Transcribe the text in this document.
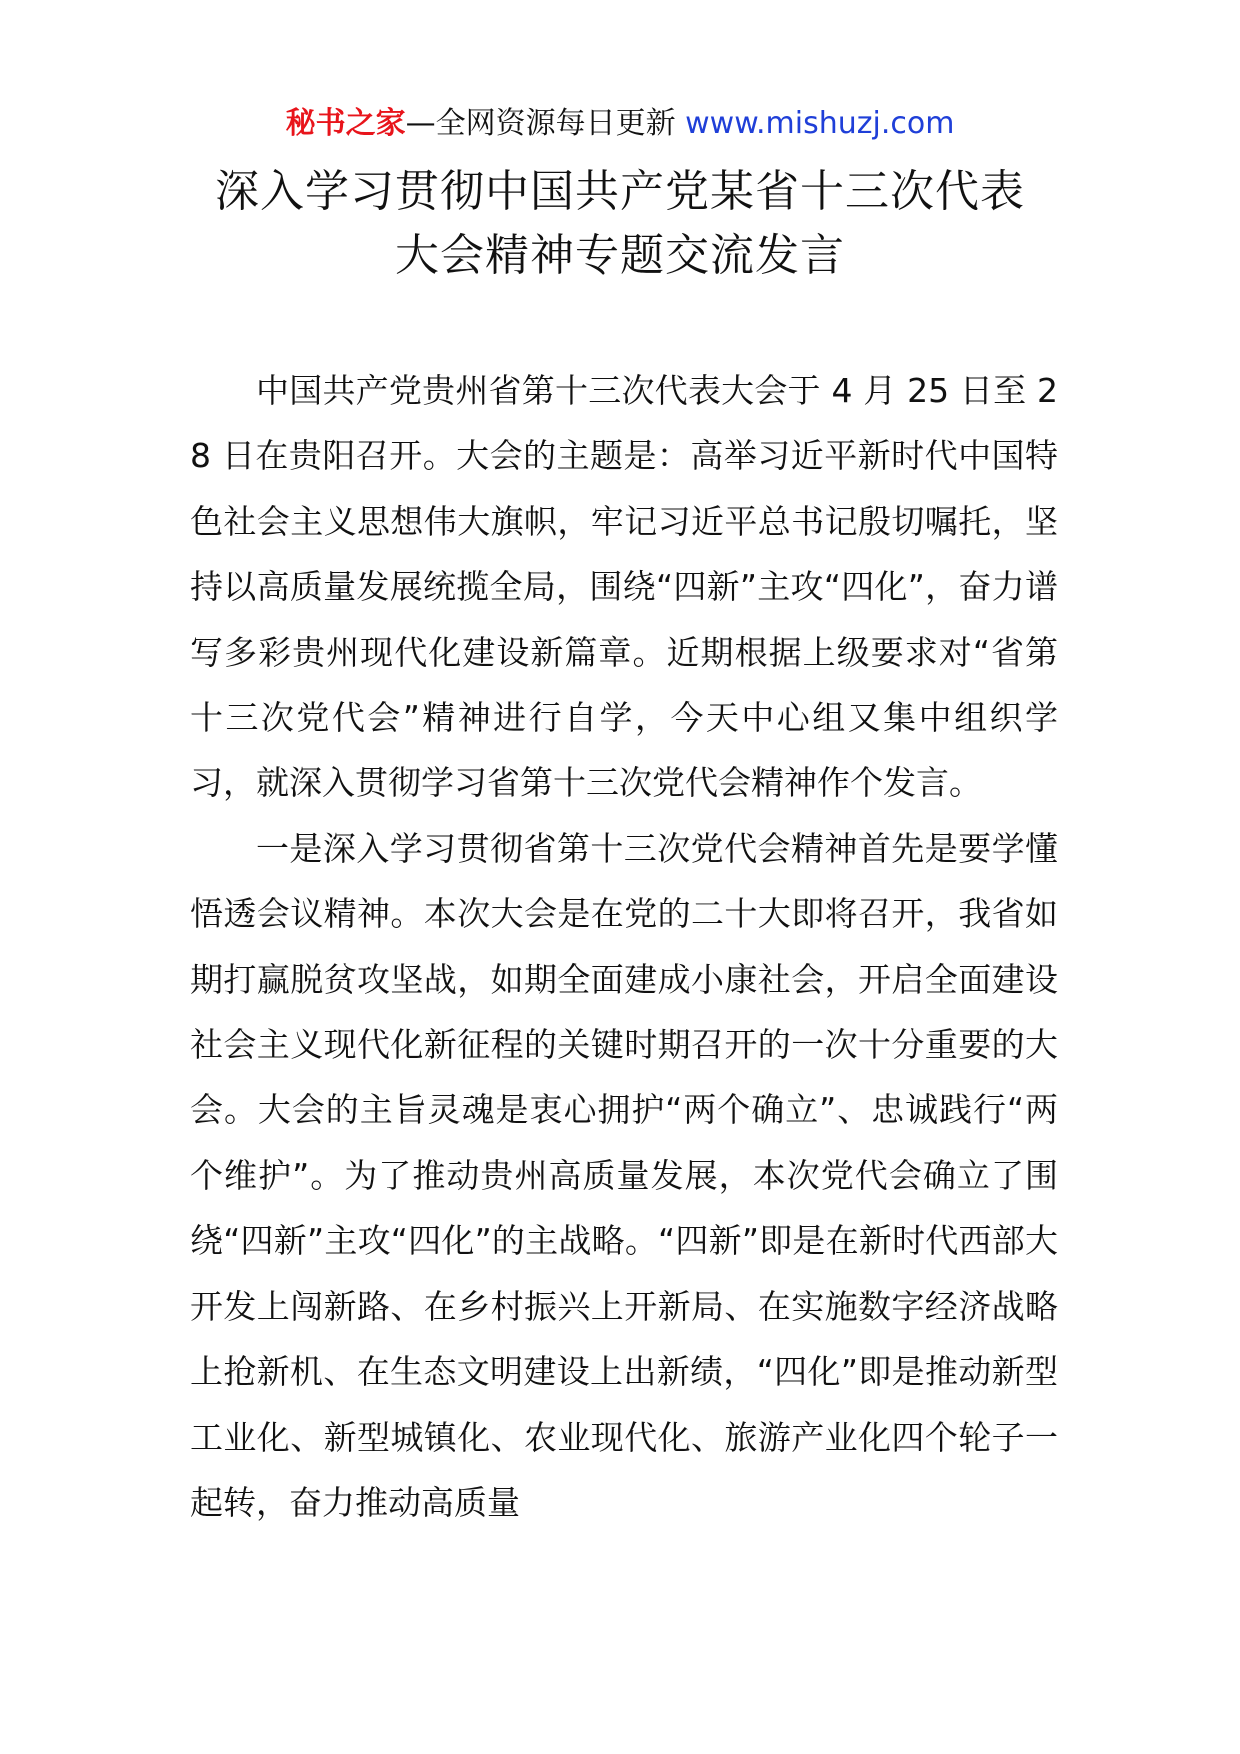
秘书之家—全网资源每日更新 www.mishuzj.com
深入学习贯彻中国共产党某省十三次代表
大会精神专题交流发言

中国共产党贵州省第十三次代表大会于 4 月 25 日至 28 日在贵阳召开。大会的主题是：高举习近平新时代中国特色社会主义思想伟大旗帜，牢记习近平总书记殷切嘱托，坚持以高质量发展统揽全局，围绕“四新”主攻“四化”，奋力谱写多彩贵州现代化建设新篇章。近期根据上级要求对“省第十三次党代会”精神进行自学，今天中心组又集中组织学习，就深入贯彻学习省第十三次党代会精神作个发言。

一是深入学习贯彻省第十三次党代会精神首先是要学懂悟透会议精神。本次大会是在党的二十大即将召开，我省如期打赢脱贫攻坚战，如期全面建成小康社会，开启全面建设社会主义现代化新征程的关键时期召开的一次十分重要的大会。大会的主旨灵魂是衷心拥护“两个确立”、忠诚践行“两个维护”。为了推动贵州高质量发展，本次党代会确立了围绕“四新”主攻“四化”的主战略。“四新”即是在新时代西部大开发上闯新路、在乡村振兴上开新局、在实施数字经济战略上抢新机、在生态文明建设上出新绩，“四化”即是推动新型工业化、新型城镇化、农业现代化、旅游产业化四个轮子一起转，奋力推动高质量
